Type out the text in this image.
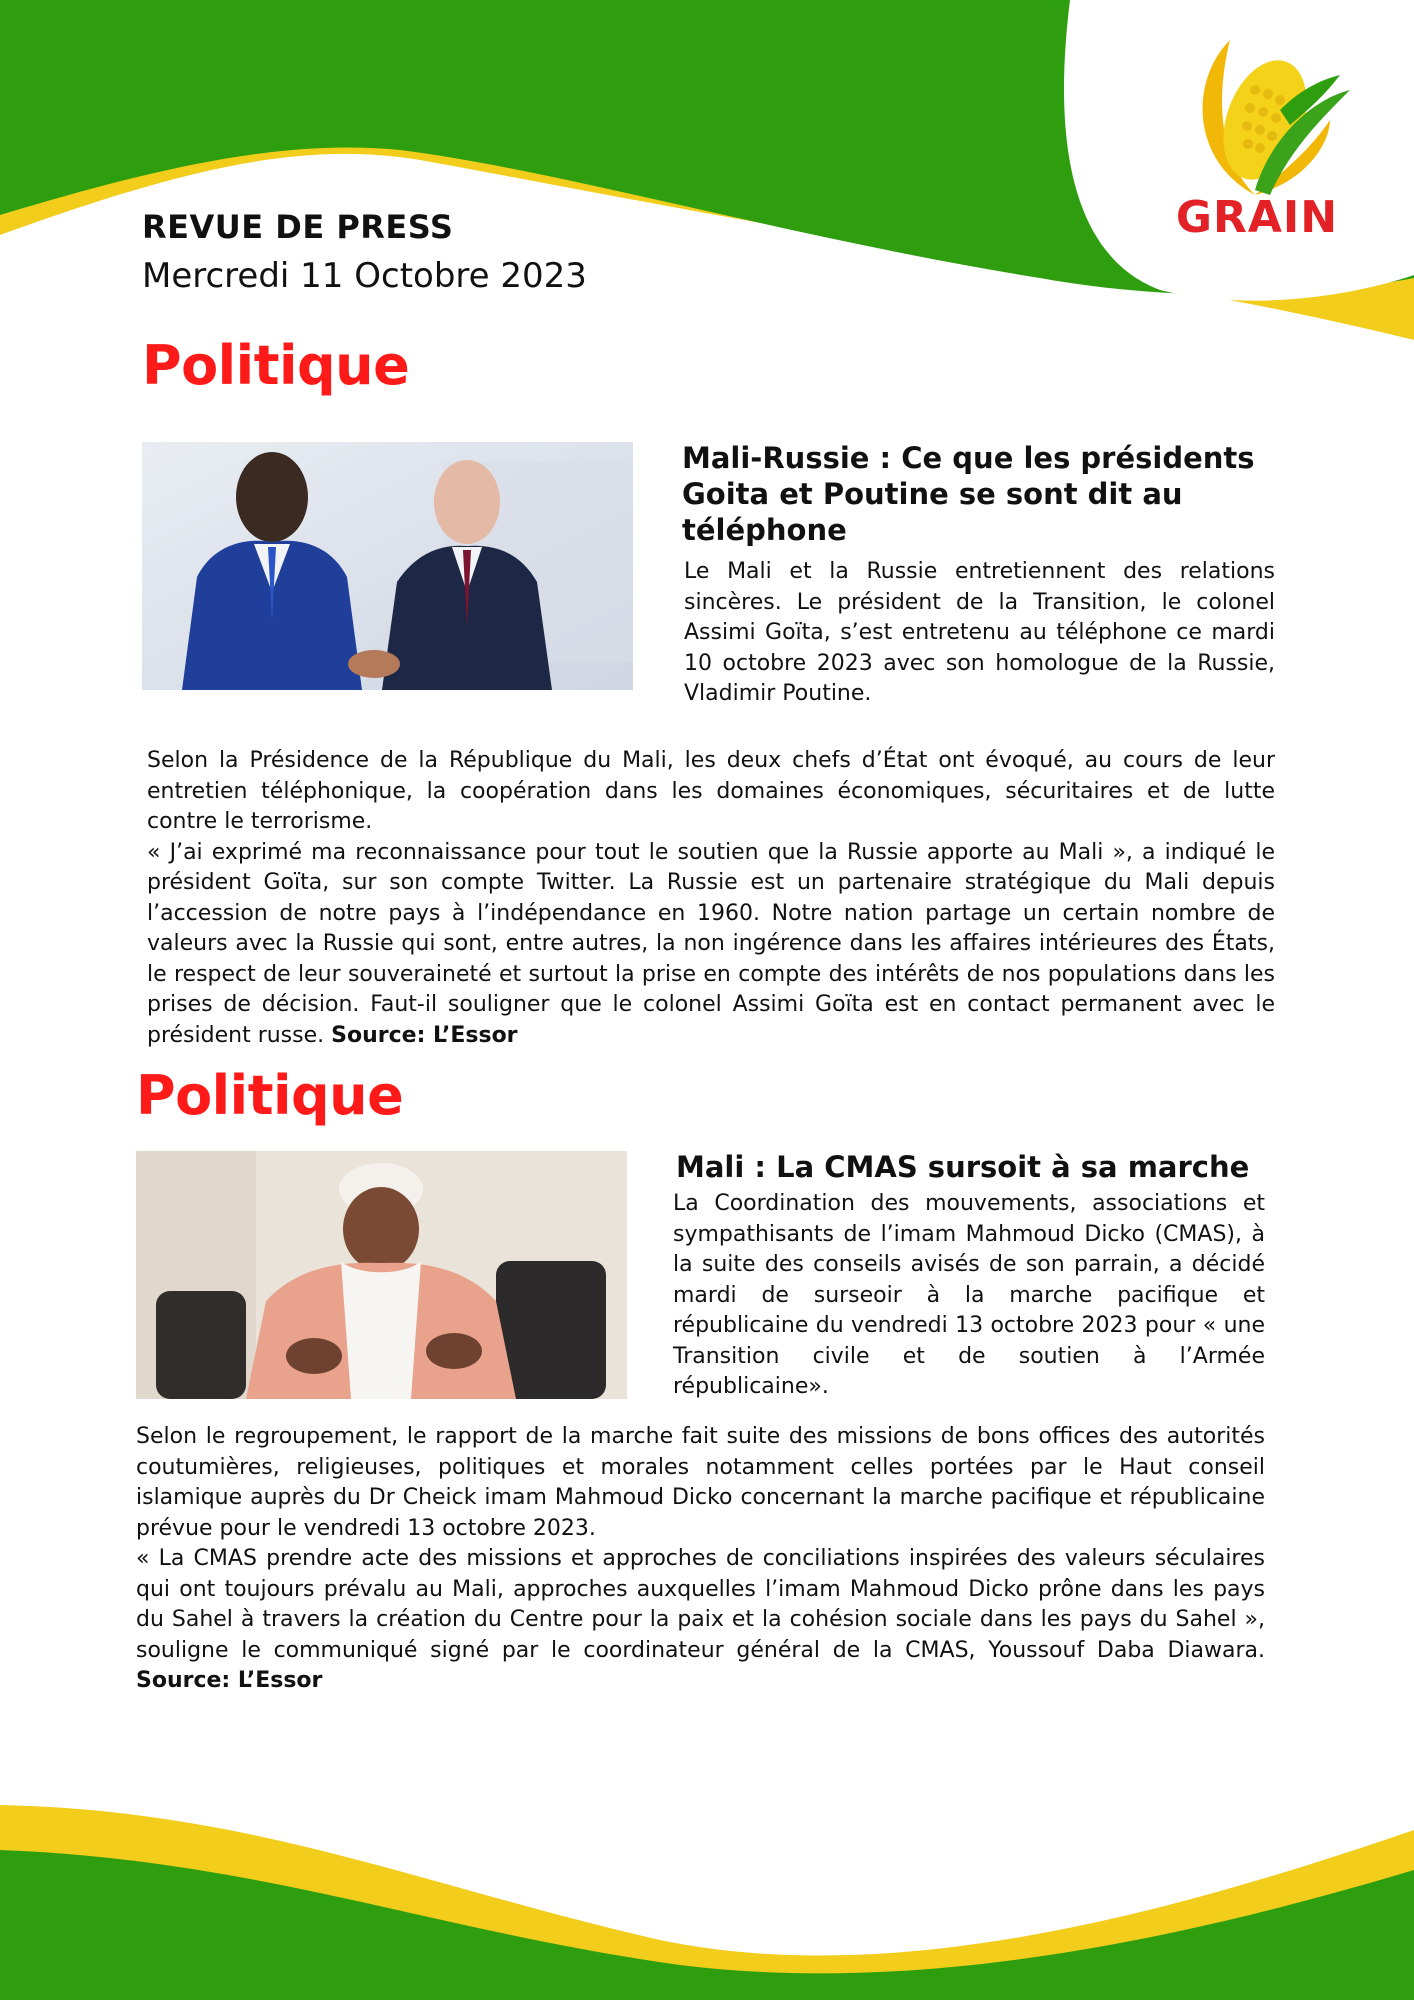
GRAIN
REVUE DE PRESS
Mercredi 11 Octobre 2023
Politique
Mali-Russie : Ce que les présidents Goita et Poutine se sont dit au téléphone
Le Mali et la Russie entretiennent des relations sincères. Le président de la Transition, le colonel Assimi Goïta, s’est entretenu au téléphone ce mardi 10 octobre 2023 avec son homologue de la Russie, Vladimir Poutine.

Selon la Présidence de la République du Mali, les deux chefs d’État ont évoqué, au cours de leur entretien téléphonique, la coopération dans les domaines économiques, sécuritaires et de lutte contre le terrorisme.

« J’ai exprimé ma reconnaissance pour tout le soutien que la Russie apporte au Mali », a indiqué le président Goïta, sur son compte Twitter. La Russie est un partenaire stratégique du Mali depuis l’accession de notre pays à l’indépendance en 1960. Notre nation partage un certain nombre de valeurs avec la Russie qui sont, entre autres, la non ingérence dans les affaires intérieures des États, le respect de leur souveraineté et surtout la prise en compte des intérêts de nos populations dans les prises de décision. Faut-il souligner que le colonel Assimi Goïta est en contact permanent avec le président russe. Source: L’Essor

Politique
Mali : La CMAS sursoit à sa marche
La Coordination des mouvements, associations et sympathisants de l’imam Mahmoud Dicko (CMAS), à la suite des conseils avisés de son parrain, a décidé mardi de surseoir à la marche pacifique et républicaine du vendredi 13 octobre 2023 pour « une Transition civile et de soutien à l’Armée républicaine».

Selon le regroupement, le rapport de la marche fait suite des missions de bons offices des autorités coutumières, religieuses, politiques et morales notamment celles portées par le Haut conseil islamique auprès du Dr Cheick imam Mahmoud Dicko concernant la marche pacifique et républicaine prévue pour le vendredi 13 octobre 2023.

« La CMAS prendre acte des missions et approches de conciliations inspirées des valeurs séculaires qui ont toujours prévalu au Mali, approches auxquelles l’imam Mahmoud Dicko prône dans les pays du Sahel à travers la création du Centre pour la paix et la cohésion sociale dans les pays du Sahel », souligne le communiqué signé par le coordinateur général de la CMAS, Youssouf Daba Diawara. Source: L’Essor
